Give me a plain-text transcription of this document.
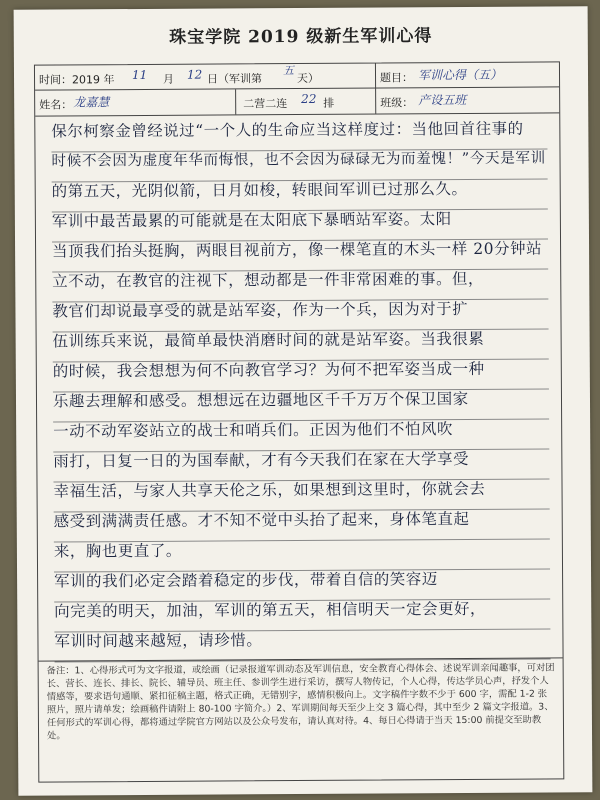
珠宝学院 2019 级新生军训心得
时间：2019 年 11 月 12 日（军训第
五
天）	题目： 军训心得（五）
姓名： 龙嘉慧	二营二连 22 排	班级： 产设五班
保尔柯察金曾经说过“一个人的生命应当这样度过：当他回首往事的
时候不会因为虚度年华而悔恨，也不会因为碌碌无为而羞愧！”今天是军训
的第五天，光阴似箭，日月如梭，转眼间军训已过那么久。
军训中最苦最累的可能就是在太阳底下暴晒站军姿。太阳
当顶我们抬头挺胸，两眼目视前方，像一棵笔直的木头一样 20分钟站
立不动，在教官的注视下，想动都是一件非常困难的事。但，
教官们却说最享受的就是站军姿，作为一个兵，因为对于扩
伍训练兵来说，最简单最快消磨时间的就是站军姿。当我很累
的时候，我会想想为何不向教官学习？为何不把军姿当成一种
乐趣去理解和感受。想想远在边疆地区千千万万个保卫国家
一动不动军姿站立的战士和哨兵们。正因为他们不怕风吹
雨打，日复一日的为国奉献，才有今天我们在家在大学享受
幸福生活，与家人共享天伦之乐，如果想到这里时，你就会去
感受到满满责任感。才不知不觉中头抬了起来，身体笔直起
来，胸也更直了。
军训的我们必定会踏着稳定的步伐，带着自信的笑容迈
向完美的明天，加油，军训的第五天，相信明天一定会更好，
军训时间越来越短，请珍惜。
备注：1、心得形式可为文字报道，或绘画（记录报道军训动态及军训信息，安全教育心得体会、述说军训亲闻趣事，可对团长、营长、连长、排长、院长、辅导员、班主任、参训学生进行采访，撰写人物传记，个人心得，传达学员心声，抒发个人情感等，要求语句通顺、紧扣征稿主题，格式正确，无错别字，感情积极向上。文字稿件字数不少于 600 字，需配 1-2 张照片，照片请单发；绘画稿件请附上 80-100 字简介。）2、军训期间每天至少上交 3 篇心得，其中至少 2 篇文字报道。3、任何形式的军训心得，都将通过学院官方网站以及公众号发布，请认真对待。4、每日心得请于当天 15:00 前提交至助教处。
